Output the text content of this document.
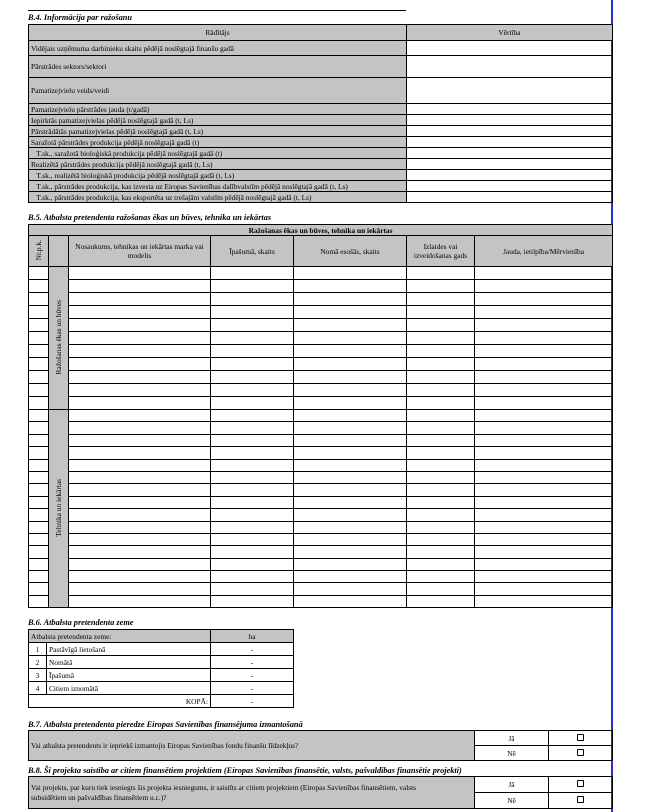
B.4. Informācija par ražošanu
Rādītājs	Vērtība
Vidējais uzņēmuma darbinieku skaits pēdējā noslēgtajā finanšu gadā	
Pārstrādes sektors/sektori	
Pamatizejvielu veids/veidi	
Pamatizejvielu pārstrādes jauda (t/gadā)	
Iepirktās pamatizejvielas pēdējā noslēgtajā gadā (t, Ls)	
Pārstrādātās pamatizejvielas pēdējā noslēgtajā gadā (t, Ls)	
Saražotā pārstrādes produkcija pēdējā noslēgtajā gadā (t)	
T.sk., saražotā bioloģiskā produkcija pēdējā noslēgtajā gadā (t)	
Realizētā pārstrādes produkcija pēdējā noslēgtajā gadā (t, Ls)	
T.sk., realizētā bioloģiskā produkcija pēdējā noslēgtajā gadā (t, Ls)	
T.sk., pārstrādes produkcija, kas izvesta uz Eiropas Savienības dalībvalstīm pēdējā noslēgtajā gadā (t, Ls)	
T.sk., pārstrādes produkcija, kas eksportēta uz trešajām valstīm pēdējā noslēgtajā gadā (t, Ls)	
B.5. Atbalsta pretendenta ražošanas ēkas un būves, tehnika un iekārtas
Ražošanas ēkas un būves, tehnika un iekārtas						
Nr.p.k.		Nosaukums, tehnikas un iekārtas marka vai modelis	Īpašumā, skaits	Nomā esošās, skaits	Izlaides vai izveidošanas gads	Jauda, ietilpība/Mērvienība
	Ražošanas ēkas un būves					

	Tehnika un iekārtas					

B.6. Atbalsta pretendenta zeme
Atbalsta pretendenta zeme:		ha
1	Pastāvīgā lietošanā	-
2	Nomātā	-
3	Īpašumā	-
4	Citiem iznomātā	-
KOPĀ:		-
B.7. Atbalsta pretendenta pieredze Eiropas Savienības finansējuma izmantošanā
Vai atbalsta pretendents ir iepriekš izmantojis Eiropas Savienības fondu finanšu līdzekļus?	Jā	
	Nē	
B.8. Šī projekta saistība ar citiem finansētiem projektiem (Eiropas Savienības finansētie, valsts, pašvaldības finansētie projekti)
Vai projekts, par kuru tiek iesniegts šis projekta iesniegums, ir saistīts ar citiem projektiem (Eiropas Savienības finansētiem, valsts
subsidētiem un pašvaldības finansētiem u.c.)?	Jā	
	Nē	
